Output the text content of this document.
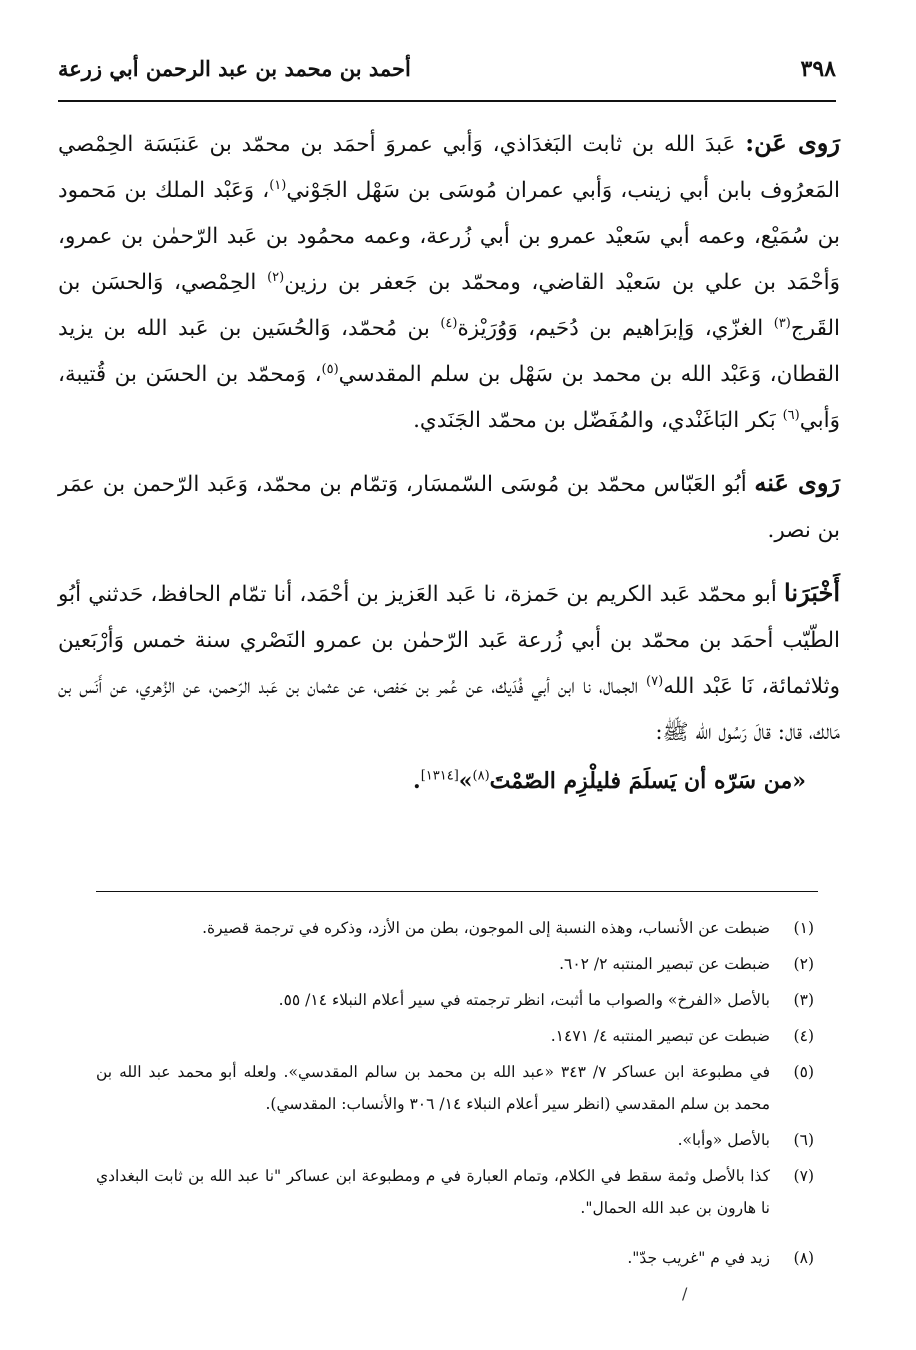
٣٩٨
أحمد بن محمد بن عبد الرحمن أبي زرعة

رَوى عَن: عَبدَ الله بن ثابت البَغدَاذي، وَأبي عمروَ أحمَد بن محمّد بن عَنبَسَة الحِمْصي المَعرُوف بابن أبي زينب، وَأبي عمران مُوسَى بن سَهْل الجَوْني$^{(١)}$، وَعَبْد الملك بن مَحمود بن سُمَيْع، وعمه أبي سَعيْد عمرو بن أبي زُرعة، وعمه محمُود بن عَبد الرّحمٰن بن عمرو، وَأحْمَد بن علي بن سَعيْد القاضي، ومحمّد بن جَعفر بن رزين$^{(٢)}$ الحِمْصي، وَالحسَن بن القَرج$^{(٣)}$ الغزّي، وَإبرَاهيم بن دُحَيم، وَوُرَيْزة$^{(٤)}$ بن مُحمّد، وَالحُسَين بن عَبد الله بن يزيد القطان، وَعَبْد الله بن محمد بن سَهْل بن سلم المقدسي$^{(٥)}$، وَمحمّد بن الحسَن بن قُتيبة، وَأبي$^{(٦)}$ بَكر البَاغَنْدي، والمُفَضّل بن محمّد الجَنَدي.

رَوى عَنه أبُو العَبّاس محمّد بن مُوسَى السّمسَار، وَتمّام بن محمّد، وَعَبد الرّحمن بن عمَر بن نصر.

أَخْبَرَنا أبو محمّد عَبد الكريم بن حَمزة، نا عَبد العَزيز بن أحْمَد، أنا تمّام الحافظ، حَدثني أبُو الطّيّب أحمَد بن محمّد بن أبي زُرعة عَبد الرّحمٰن بن عمرو النَصْري سنة خمس وَأرْبَعين وثلاثمائة، نَا عَبْد الله$^{(٧)}$ الجمال، نا ابن أبي فُدَيك، عن عُمر بن حَفص، عن عثمان بن عَبد الرّحمن، عن الزُهري، عن أَنَس بن مَالك، قال: قالَ رَسُول الله ﷺ:

«من سَرّه أن يَسلَمَ فليلْزِم الصّمْتَ$^{(٨)}$»[١٣١٤].

(١)
ضبطت عن الأنساب، وهذه النسبة إلى الموجون، بطن من الأزد، وذكره في ترجمة قصيرة.
(٢)
ضبطت عن تبصير المنتبه ٢/ ٦٠٢.
(٣)
بالأصل «الفرخ» والصواب ما أثبت، انظر ترجمته في سير أعلام النبلاء ١٤/ ٥٥.
(٤)
ضبطت عن تبصير المنتبه ٤/ ١٤٧١.
(٥)
في مطبوعة ابن عساكر ٧/ ٣٤٣ «عبد الله بن محمد بن سالم المقدسي». ولعله أبو محمد عبد الله بن محمد بن سلم المقدسي (انظر سير أعلام النبلاء ١٤/ ٣٠٦ والأنساب: المقدسي).
(٦)
بالأصل «وأبا».
(٧)
كذا بالأصل وثمة سقط في الكلام، وتمام العبارة في م ومطبوعة ابن عساكر "نا عبد الله بن ثابت البغدادي نا هارون بن عبد الله الحمال".
(٨)
زيد في م "غريب جدّ".
/
